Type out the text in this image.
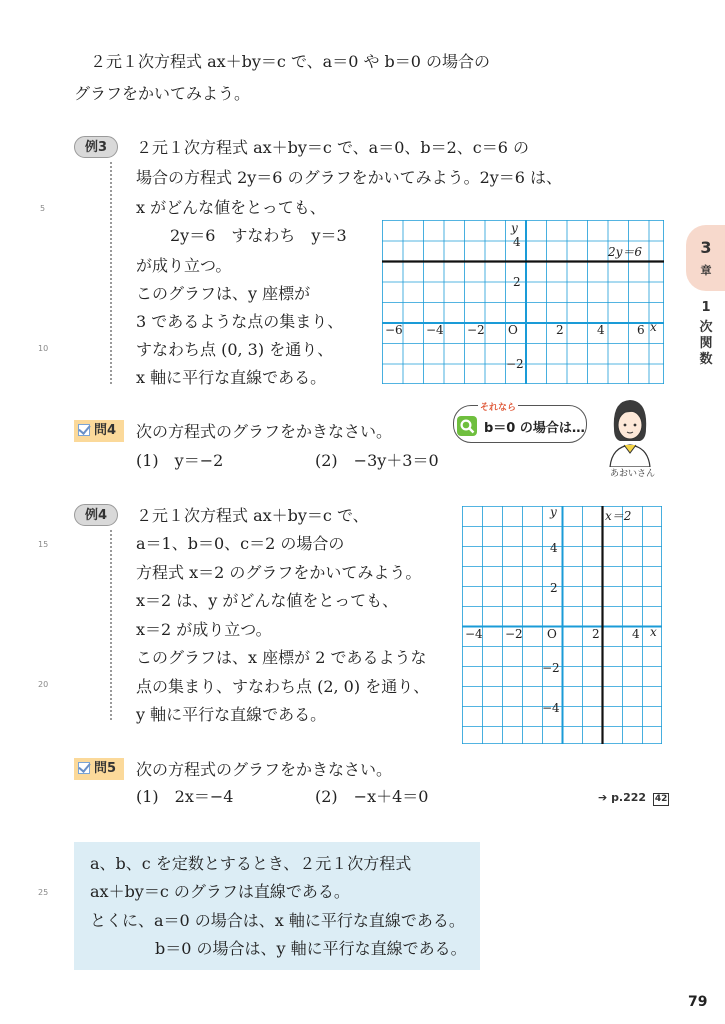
２元１次方程式 ax＋by＝c で、a＝0 や b＝0 の場合の
グラフをかいてみよう。
例3	２元１次方程式 ax＋by＝c で、a＝0、b＝2、c＝6 の
場合の方程式 2y＝6 のグラフをかいてみよう。2y＝6 は、
x がどんな値をとっても、
2y＝6　すなわち　y＝3
が成り立つ。
このグラフは、y 座標が
3 であるような点の集まり、
すなわち点 (0, 3) を通り、
x 軸に平行な直線である。
y
x
O
−6 −4 −2	2	4	6
4
2
−2
2y＝6
問4	次の方程式のグラフをかきなさい。
(1)　y＝−2	(2)　−3y＋3＝0
それなら
b＝0 の場合は…
あおいさん
例4	２元１次方程式 ax＋by＝c で、
a＝1、b＝0、c＝2 の場合の
方程式 x＝2 のグラフをかいてみよう。
x＝2 は、y がどんな値をとっても、
x＝2 が成り立つ。
このグラフは、x 座標が 2 であるような
点の集まり、すなわち点 (2, 0) を通り、
y 軸に平行な直線である。
y
x
O
−4 −2	2	4
4
2
−2
−4
x＝2
問5	次の方程式のグラフをかきなさい。
(1)　2x＝−4	(2)　−x＋4＝0	➔ p.222 42
a、b、c を定数とするとき、２元１次方程式
ax＋by＝c のグラフは直線である。
とくに、a＝0 の場合は、x 軸に平行な直線である。
b＝0 の場合は、y 軸に平行な直線である。
3
章
1
次
関
数
5
10
15
20
25
79
